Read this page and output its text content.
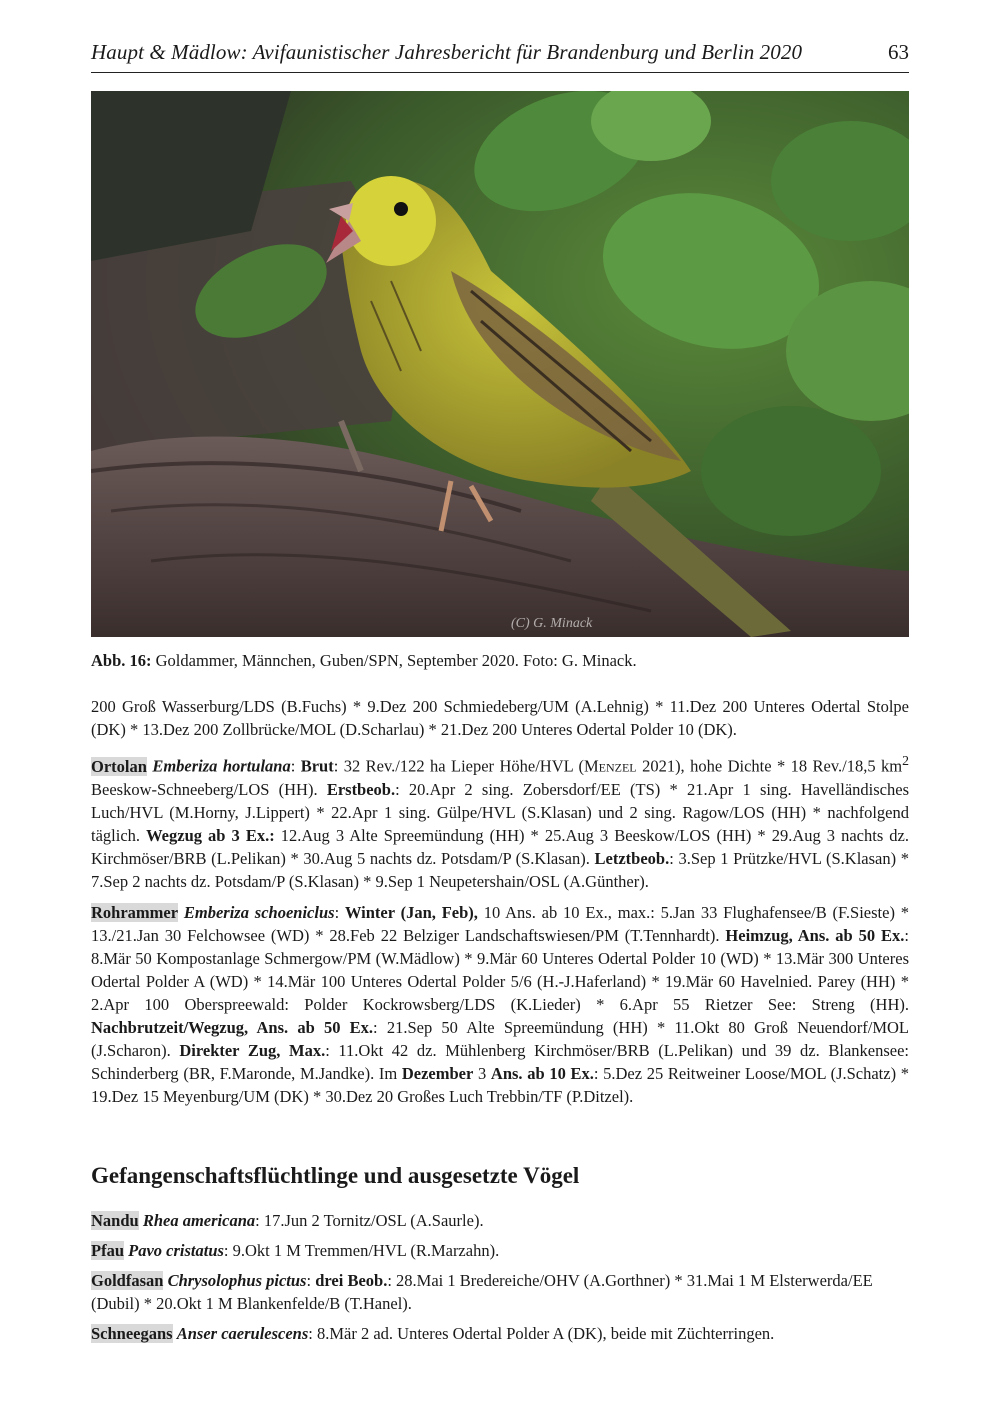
Haupt & Mädlow: Avifaunistischer Jahresbericht für Brandenburg und Berlin 2020	63
(C) G. Minack
Abb. 16: Goldammer, Männchen, Guben/SPN, September 2020. Foto: G. Minack.

200 Groß Wasserburg/LDS (B.Fuchs) * 9.Dez 200 Schmiedeberg/UM (A.Lehnig) * 11.Dez 200 Unteres Odertal Stolpe (DK) * 13.Dez 200 Zollbrücke/MOL (D.Scharlau) * 21.Dez 200 Unteres Odertal Polder 10 (DK).

Ortolan Emberiza hortulana: Brut: 32 Rev./122 ha Lieper Höhe/HVL (Menzel 2021), hohe Dichte * 18 Rev./18,5 $km^2$ Beeskow-Schneeberg/LOS (HH). Erstbeob.: 20.Apr 2 sing. Zobersdorf/EE (TS) * 21.Apr 1 sing. Havelländisches Luch/HVL (M.Horny, J.Lippert) * 22.Apr 1 sing. Gülpe/HVL (S.Klasan) und 2 sing. Ragow/LOS (HH) * nachfolgend täglich. Wegzug ab 3 Ex.: 12.Aug 3 Alte Spreemündung (HH) * 25.Aug 3 Beeskow/LOS (HH) * 29.Aug 3 nachts dz. Kirchmöser/BRB (L.Pelikan) * 30.Aug 5 nachts dz. Potsdam/P (S.Klasan). Letztbeob.: 3.Sep 1 Prützke/HVL (S.Klasan) * 7.Sep 2 nachts dz. Potsdam/P (S.Klasan) * 9.Sep 1 Neupetershain/OSL (A.Günther).

Rohrammer Emberiza schoeniclus: Winter (Jan, Feb), 10 Ans. ab 10 Ex., max.: 5.Jan 33 Flughafensee/B (F.Sieste) * 13./21.Jan 30 Felchowsee (WD) * 28.Feb 22 Belziger Landschaftswiesen/PM (T.Tennhardt). Heimzug, Ans. ab 50 Ex.: 8.Mär 50 Kompostanlage Schmergow/PM (W.Mädlow) * 9.Mär 60 Unteres Odertal Polder 10 (WD) * 13.Mär 300 Unteres Odertal Polder A (WD) * 14.Mär 100 Unteres Odertal Polder 5/6 (H.-J.Haferland) * 19.Mär 60 Havelnied. Parey (HH) * 2.Apr 100 Oberspreewald: Polder Kockrowsberg/LDS (K.Lieder) * 6.Apr 55 Rietzer See: Streng (HH). Nachbrutzeit/Wegzug, Ans. ab 50 Ex.: 21.Sep 50 Alte Spreemündung (HH) * 11.Okt 80 Groß Neuendorf/MOL (J.Scharon). Direkter Zug, Max.: 11.Okt 42 dz. Mühlenberg Kirchmöser/BRB (L.Pelikan) und 39 dz. Blankensee: Schinderberg (BR, F.Maronde, M.Jandke). Im Dezember 3 Ans. ab 10 Ex.: 5.Dez 25 Reitweiner Loose/MOL (J.Schatz) * 19.Dez 15 Meyenburg/UM (DK) * 30.Dez 20 Großes Luch Trebbin/TF (P.Ditzel).

Gefangenschaftsflüchtlinge und ausgesetzte Vögel

Nandu Rhea americana: 17.Jun 2 Tornitz/OSL (A.Saurle).

Pfau Pavo cristatus: 9.Okt 1 M Tremmen/HVL (R.Marzahn).

Goldfasan Chrysolophus pictus: drei Beob.: 28.Mai 1 Bredereiche/OHV (A.Gorthner) * 31.Mai 1 M Elsterwerda/EE (Dubil) * 20.Okt 1 M Blankenfelde/B (T.Hanel).

Schneegans Anser caerulescens: 8.Mär 2 ad. Unteres Odertal Polder A (DK), beide mit Züchterringen.
